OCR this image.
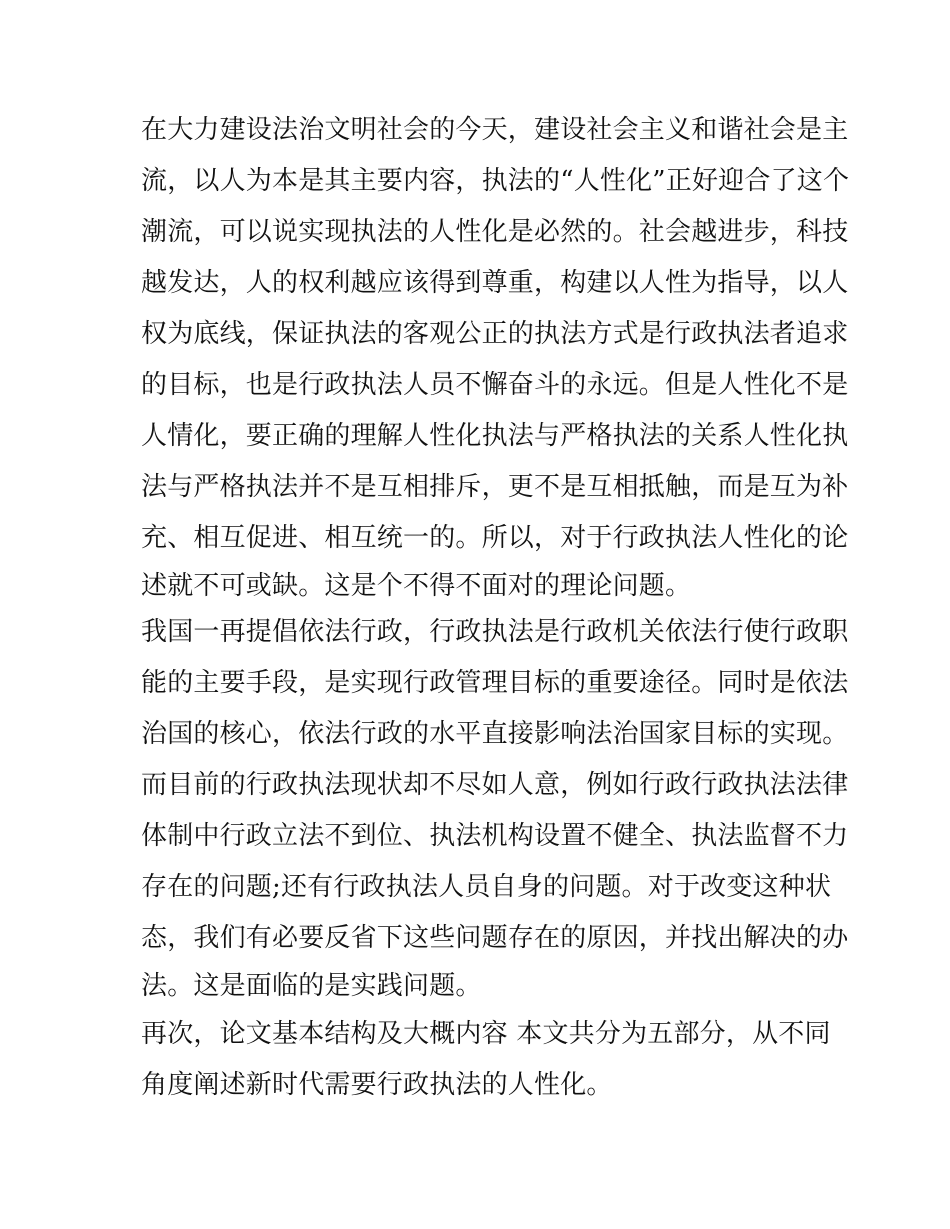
在大力建设法治文明社会的今天，建设社会主义和谐社会是主
流，以人为本是其主要内容，执法的“人性化”正好迎合了这个
潮流，可以说实现执法的人性化是必然的。社会越进步，科技
越发达，人的权利越应该得到尊重，构建以人性为指导，以人
权为底线，保证执法的客观公正的执法方式是行政执法者追求
的目标，也是行政执法人员不懈奋斗的永远。但是人性化不是
人情化，要正确的理解人性化执法与严格执法的关系人性化执
法与严格执法并不是互相排斥，更不是互相抵触，而是互为补
充、相互促进、相互统一的。所以，对于行政执法人性化的论
述就不可或缺。这是个不得不面对的理论问题。
我国一再提倡依法行政，行政执法是行政机关依法行使行政职
能的主要手段，是实现行政管理目标的重要途径。同时是依法
治国的核心，依法行政的水平直接影响法治国家目标的实现。
而目前的行政执法现状却不尽如人意，例如行政行政执法法律
体制中行政立法不到位、执法机构设置不健全、执法监督不力
存在的问题;还有行政执法人员自身的问题。对于改变这种状
态，我们有必要反省下这些问题存在的原因，并找出解决的办
法。这是面临的是实践问题。
再次，论文基本结构及大概内容 本文共分为五部分，从不同
角度阐述新时代需要行政执法的人性化。
